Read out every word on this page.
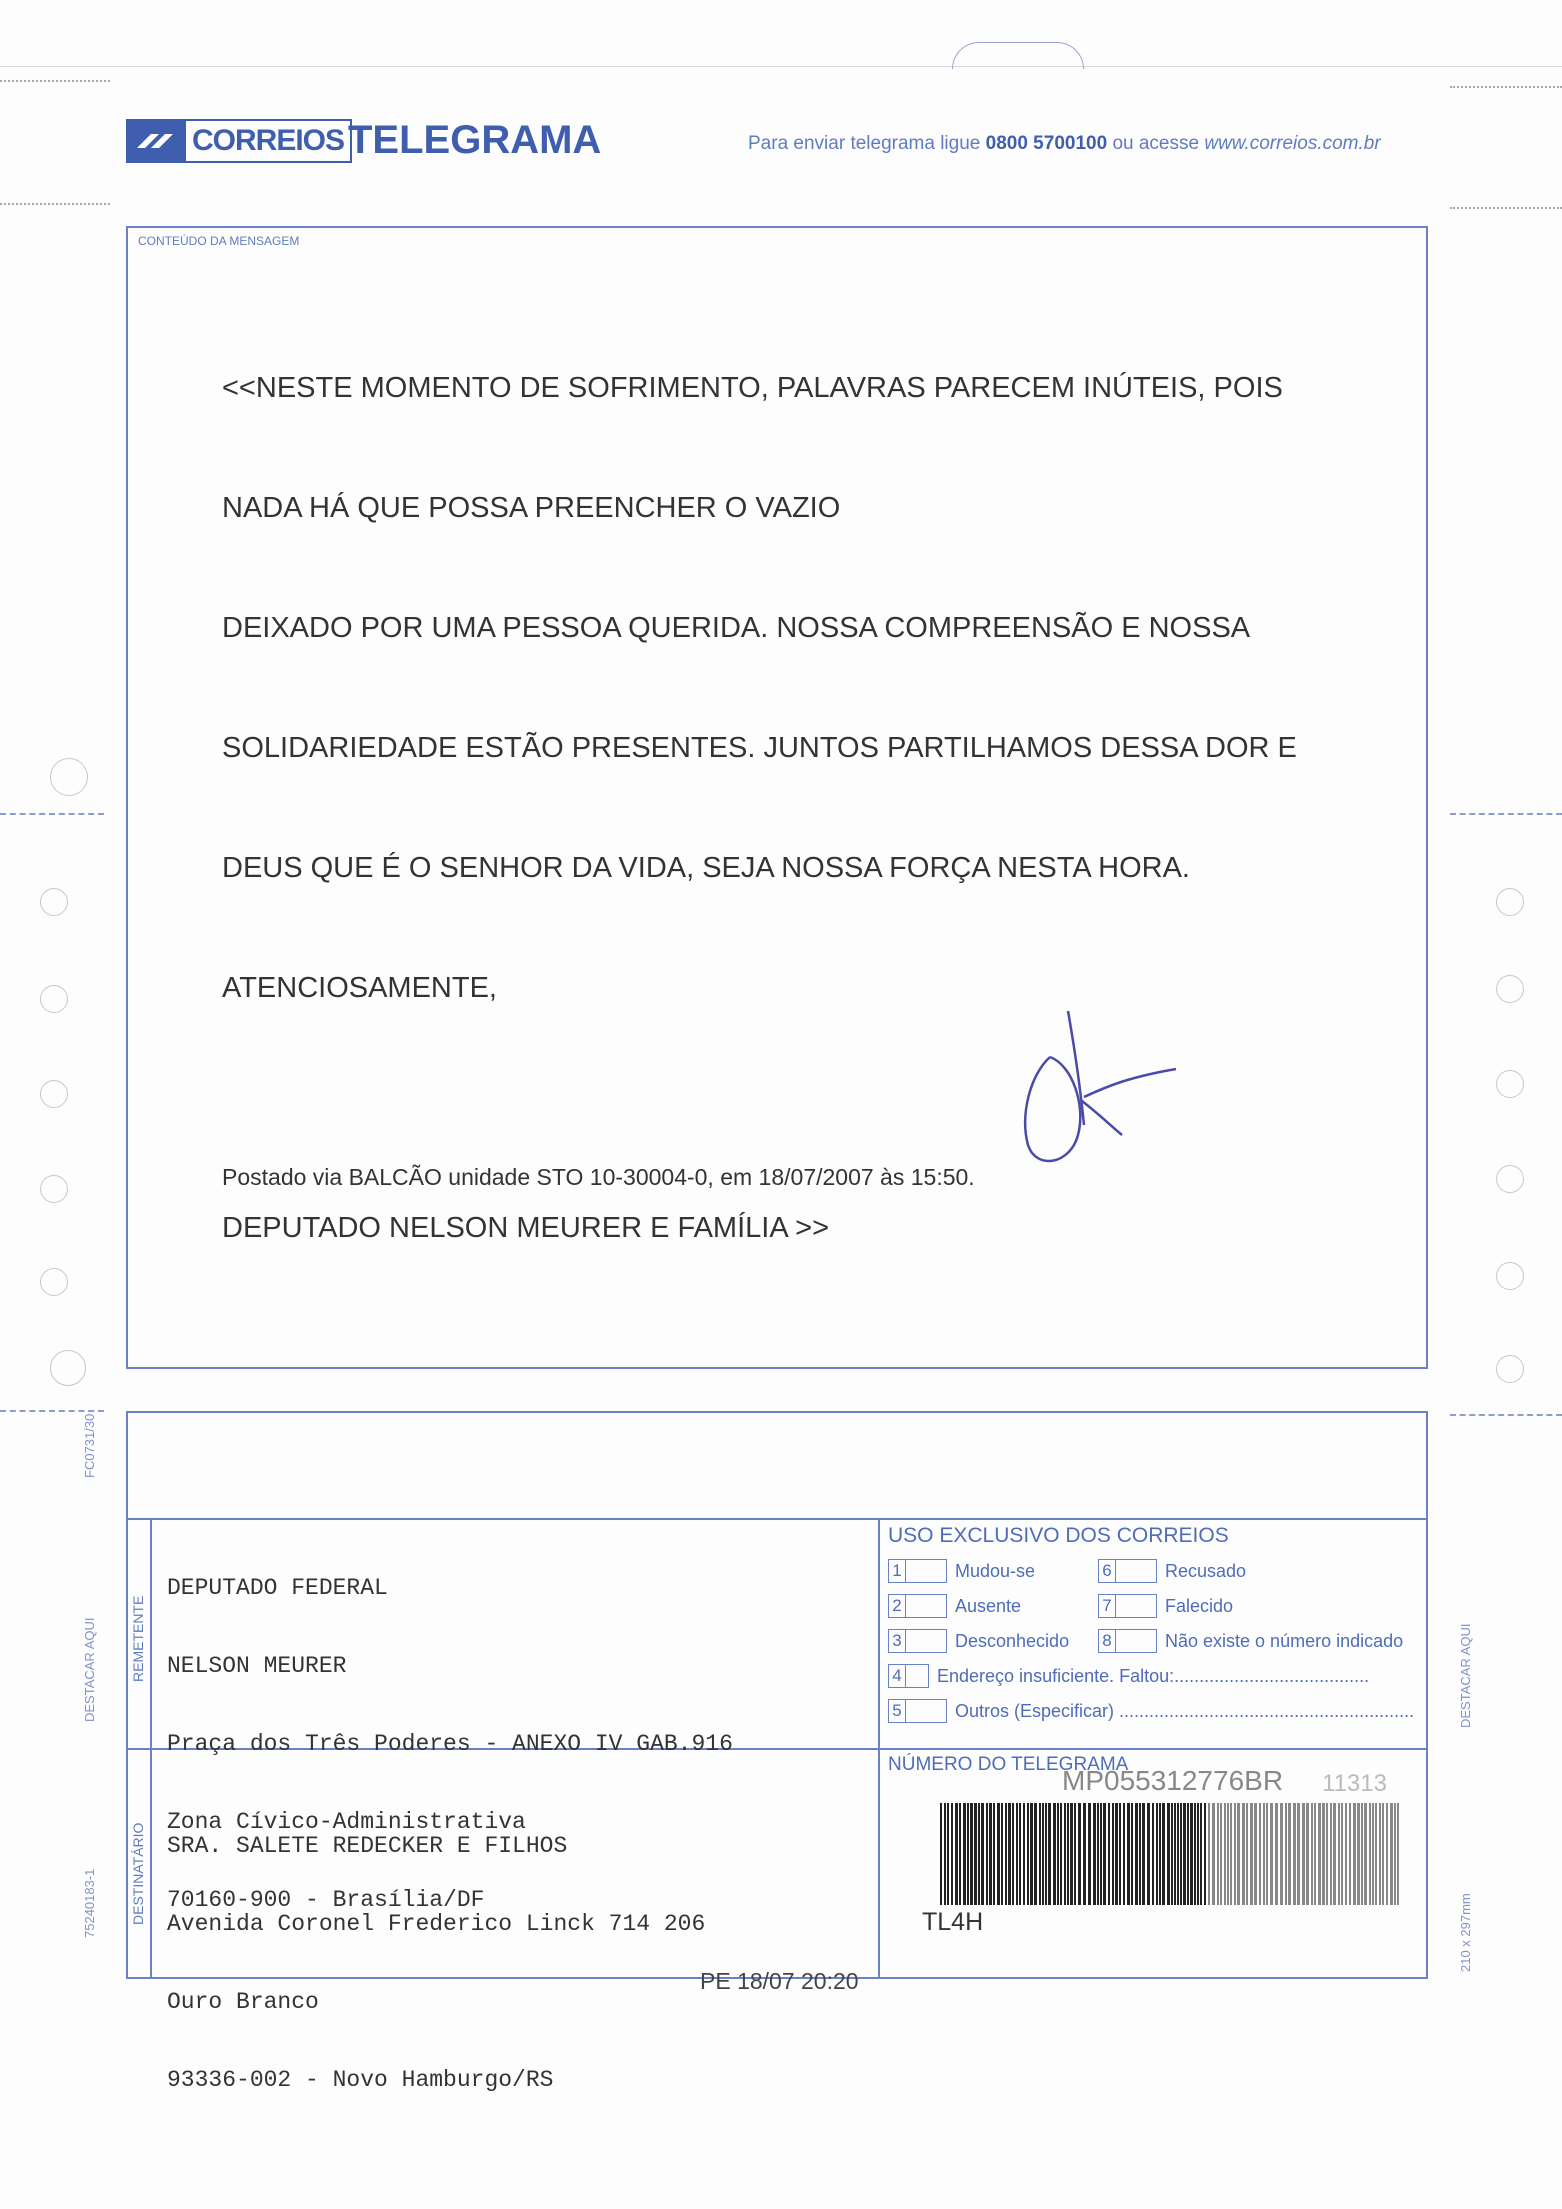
CORREIOS TELEGRAMA	Para enviar telegrama ligue 0800 5700100 ou acesse www.correios.com.br
CONTEÚDO DA MENSAGEM

<<NESTE MOMENTO DE SOFRIMENTO, PALAVRAS PARECEM INÚTEIS, POIS

NADA HÁ QUE POSSA PREENCHER O VAZIO

DEIXADO POR UMA PESSOA QUERIDA. NOSSA COMPREENSÃO E NOSSA

SOLIDARIEDADE ESTÃO PRESENTES. JUNTOS PARTILHAMOS DESSA DOR E

DEUS QUE É O SENHOR DA VIDA, SEJA NOSSA FORÇA NESTA HORA.

ATENCIOSAMENTE,

DEPUTADO NELSON MEURER E FAMÍLIA >>

Postado via BALCÃO unidade STO 10-30004-0, em 18/07/2007 às 15:50.
REMETENTE
DESTINATÁRIO

DEPUTADO FEDERAL

NELSON MEURER

Praça dos Três Poderes - ANEXO IV GAB.916

Zona Cívico-Administrativa

70160-900 - Brasília/DF

SRA. SALETE REDECKER E FILHOS

Avenida Coronel Frederico Linck 714 206

Ouro Branco

93336-002 - Novo Hamburgo/RS

USO EXCLUSIVO DOS CORREIOS
1	Mudou-se	6	Recusado
2	Ausente	7	Falecido
3	Desconhecido 8	Não existe o número indicado
4 Endereço insuficiente. Faltou:.......................................
5	Outros (Especificar) ...........................................................
NÚMERO DO TELEGRAMA
MP055312776BR 11313
TL4H
PE 18/07 20:20
FC0731/30
DESTACAR AQUI
75240183-1
DESTACAR AQUI
210 x 297mm
